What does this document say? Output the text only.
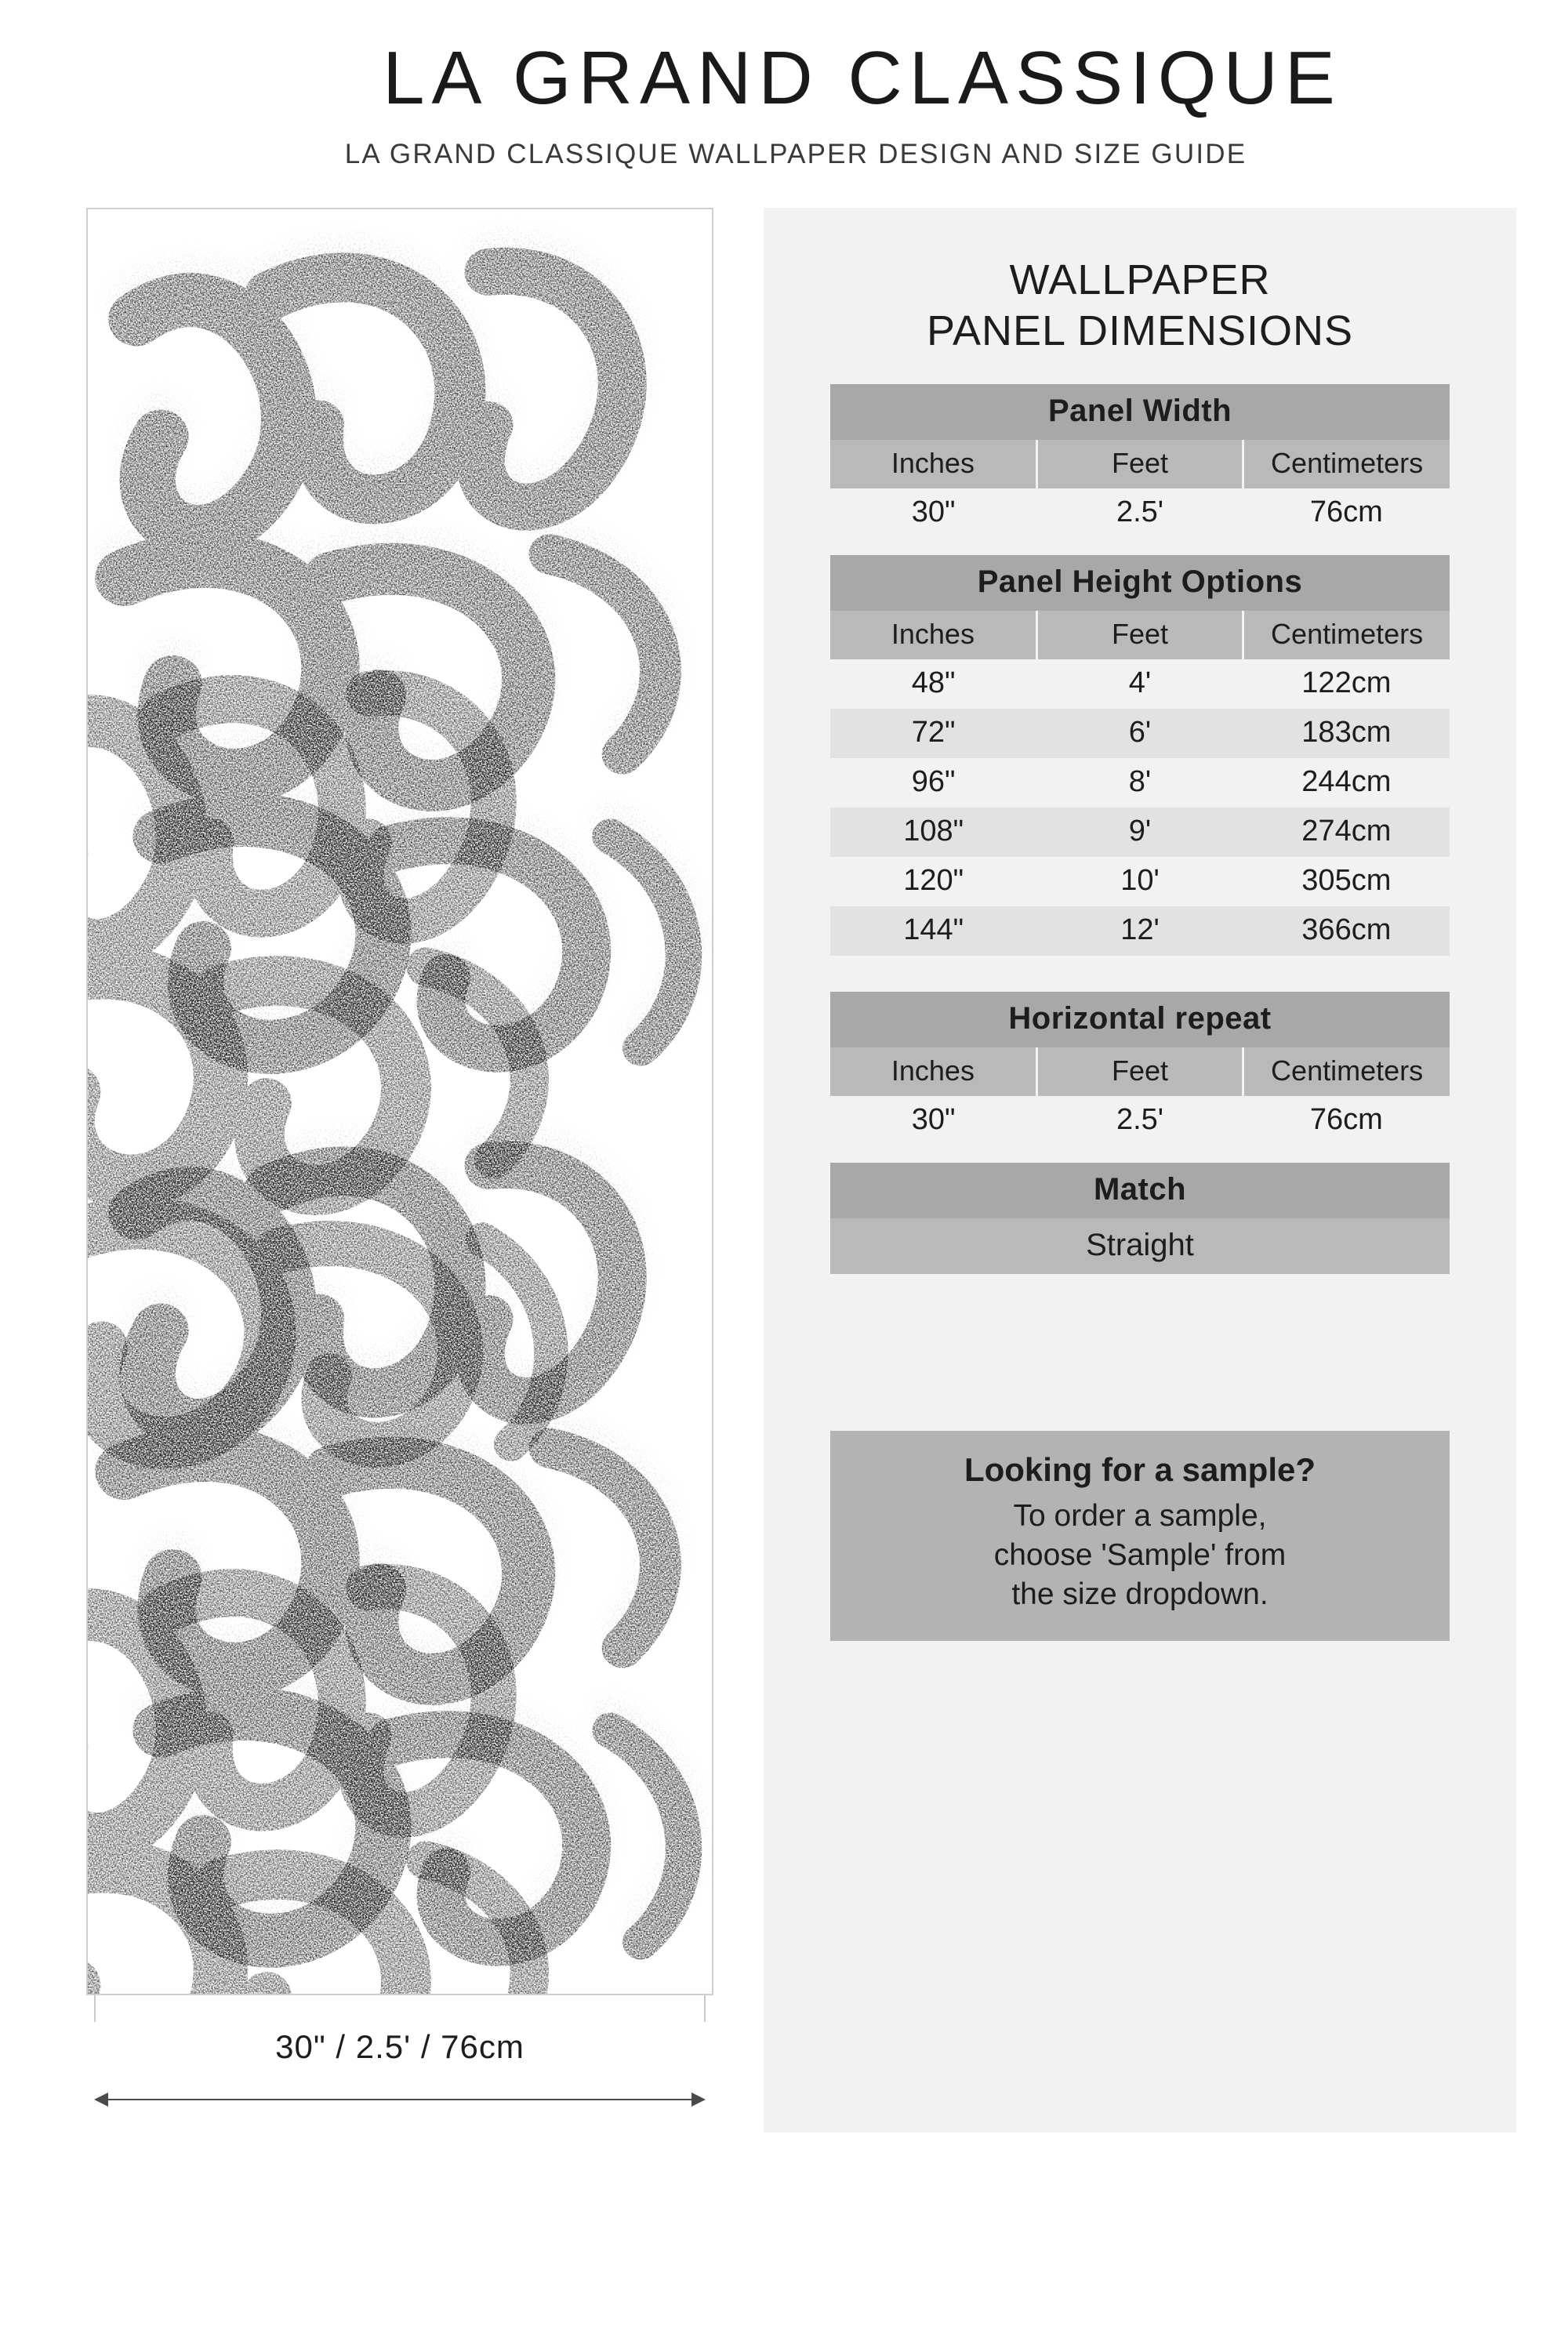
LA GRAND CLASSIQUE
LA GRAND CLASSIQUE WALLPAPER DESIGN AND SIZE GUIDE
30" / 2.5' / 76cm
WALLPAPER
PANEL DIMENSIONS
Panel Width		
Inches	Feet	Centimeters
30"	2.5'	76cm
Panel Height Options		
Inches	Feet	Centimeters
48"	4'	122cm
72"	6'	183cm
96"	8'	244cm
108"	9'	274cm
120"	10'	305cm
144"	12'	366cm
Horizontal repeat		
Inches	Feet	Centimeters
30"	2.5'	76cm
Match
Straight
Looking for a sample?
To order a sample,
choose 'Sample' from
the size dropdown.
